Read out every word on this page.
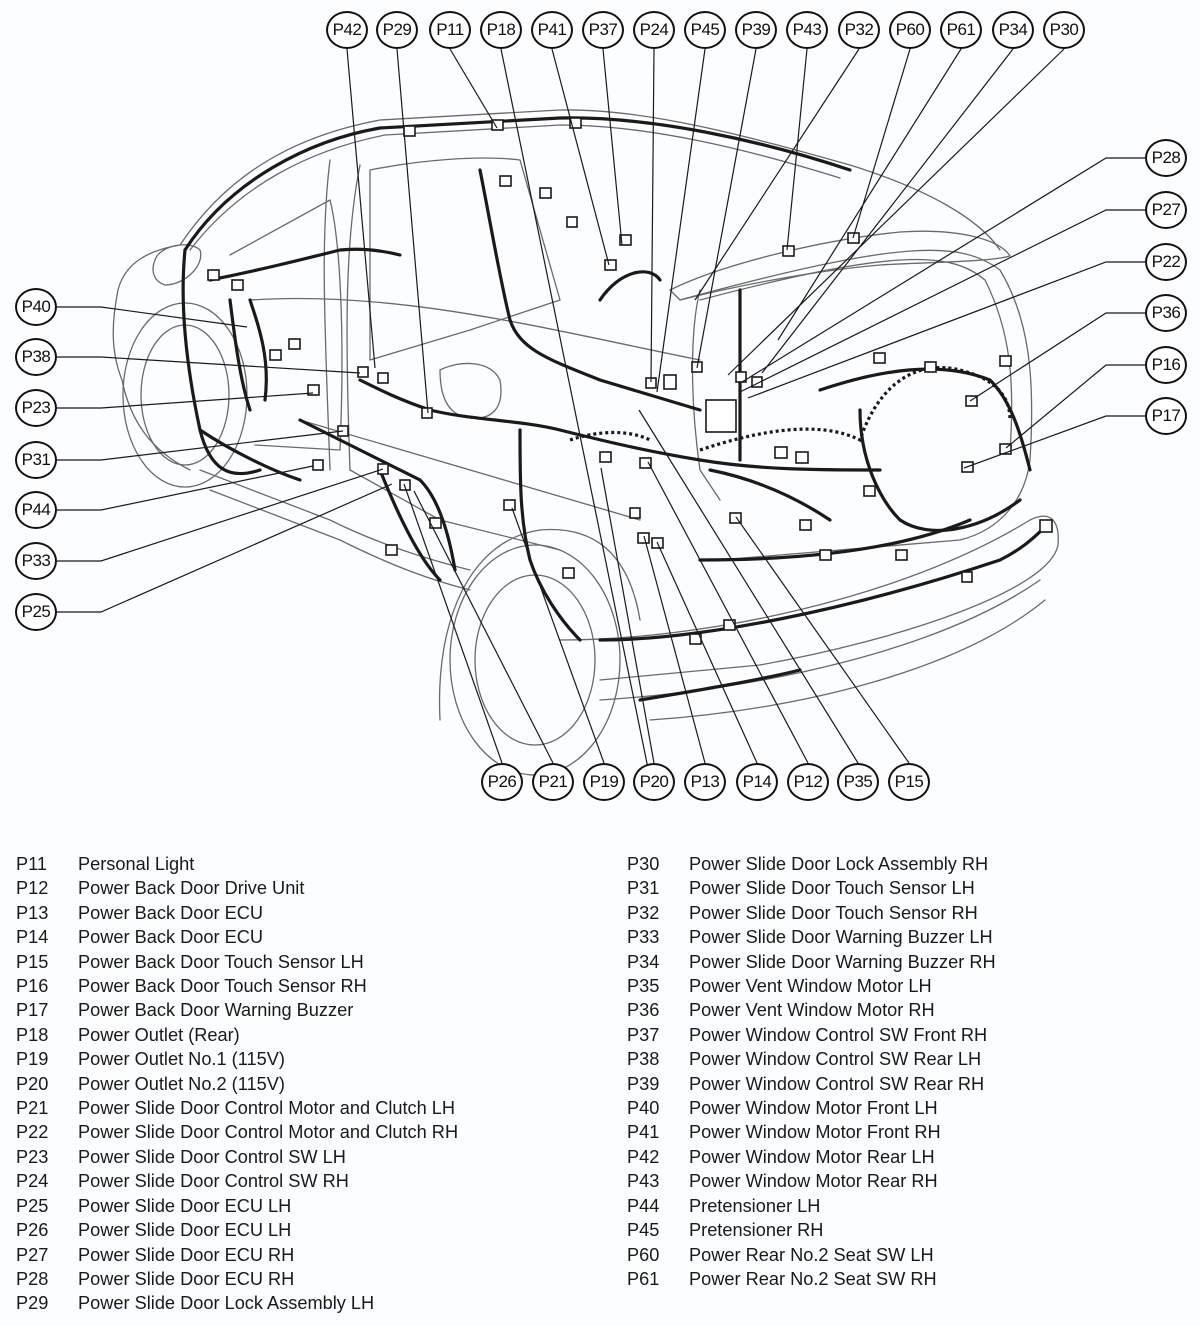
P42 P29 P11 P18 P41 P37 P24 P45 P39 P43 P32 P60 P61 P34 P30
P40
P38
P23
P31
P44
P33
P25
P28
P27
P22
P36
P16
P17
P26 P21 P19 P20 P13 P14 P12 P35 P15
P11	Personal Light
P12	Power Back Door Drive Unit
P13	Power Back Door ECU
P14	Power Back Door ECU
P15	Power Back Door Touch Sensor LH
P16	Power Back Door Touch Sensor RH
P17	Power Back Door Warning Buzzer
P18	Power Outlet (Rear)
P19	Power Outlet No.1 (115V)
P20	Power Outlet No.2 (115V)
P21	Power Slide Door Control Motor and Clutch LH
P22	Power Slide Door Control Motor and Clutch RH
P23	Power Slide Door Control SW LH
P24	Power Slide Door Control SW RH
P25	Power Slide Door ECU LH
P26	Power Slide Door ECU LH
P27	Power Slide Door ECU RH
P28	Power Slide Door ECU RH
P29	Power Slide Door Lock Assembly LH
P30	Power Slide Door Lock Assembly RH
P31	Power Slide Door Touch Sensor LH
P32	Power Slide Door Touch Sensor RH
P33	Power Slide Door Warning Buzzer LH
P34	Power Slide Door Warning Buzzer RH
P35	Power Vent Window Motor LH
P36	Power Vent Window Motor RH
P37	Power Window Control SW Front RH
P38	Power Window Control SW Rear LH
P39	Power Window Control SW Rear RH
P40	Power Window Motor Front LH
P41	Power Window Motor Front RH
P42	Power Window Motor Rear LH
P43	Power Window Motor Rear RH
P44	Pretensioner LH
P45	Pretensioner RH
P60	Power Rear No.2 Seat SW LH
P61	Power Rear No.2 Seat SW RH
